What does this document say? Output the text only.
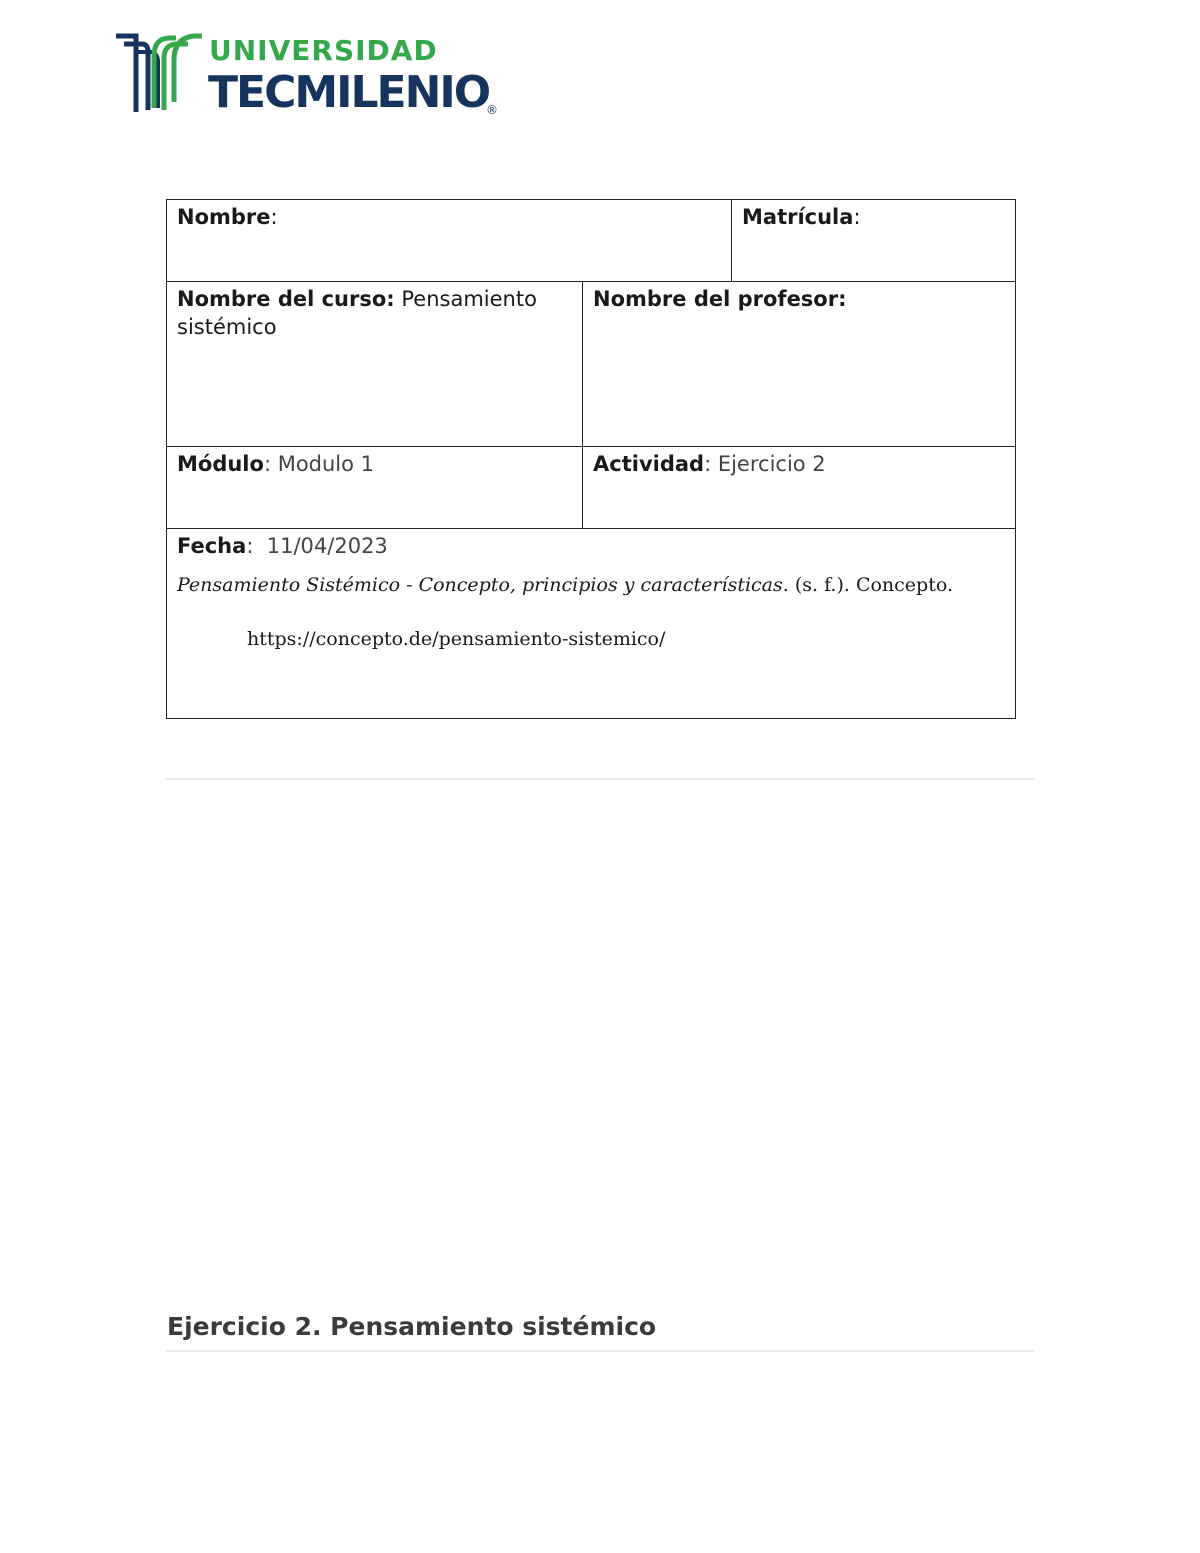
UNIVERSIDAD
TECMILENIO
®
Nombre:		Matrícula:
Nombre del curso: Pensamiento sistémico	Nombre del profesor:	
Módulo: Modulo 1	Actividad: Ejercicio 2	

Fecha:  11/04/2023
Pensamiento Sistémico - Concepto, principios y características. (s. f.). Concepto.
https://concepto.de/pensamiento-sistemico/		
Ejercicio 2. Pensamiento sistémico
